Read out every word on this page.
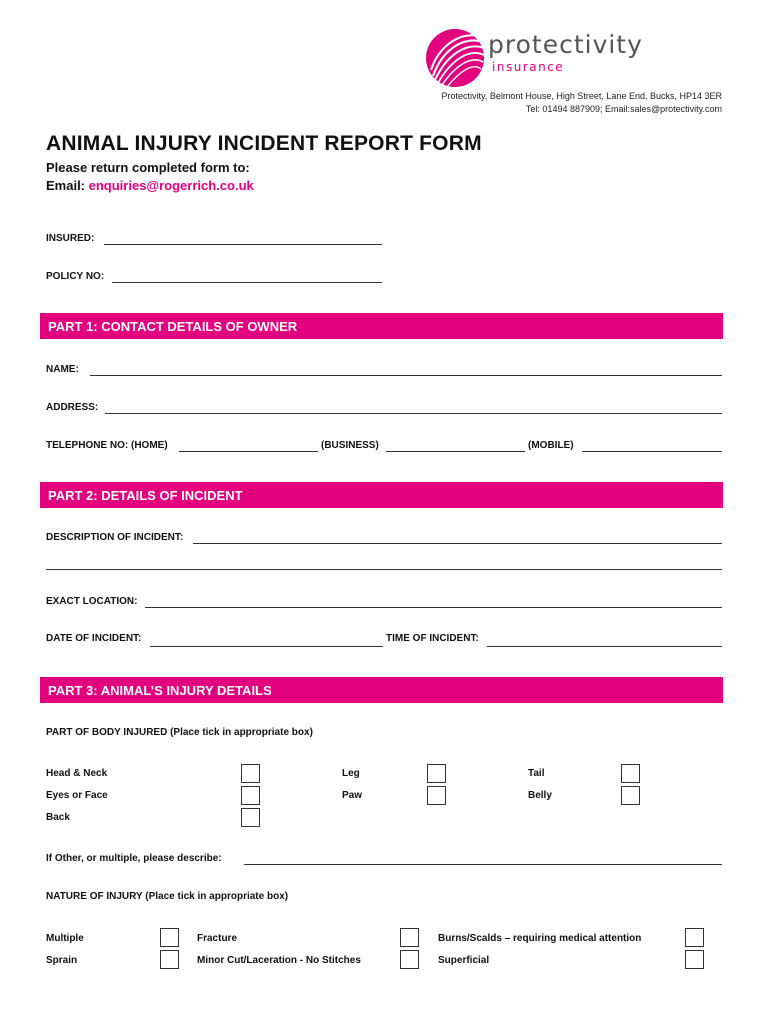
protectivity
insurance
Protectivity, Belmont House, High Street, Lane End, Bucks, HP14 3ER
Tel: 01494 887909; Email:sales@protectivity.com
ANIMAL INJURY INCIDENT REPORT FORM
Please return completed form to:
Email: enquiries@rogerrich.co.uk
INSURED:
POLICY NO:
PART 1: CONTACT DETAILS OF OWNER
NAME:
ADDRESS:
TELEPHONE NO: (HOME)	(BUSINESS)	(MOBILE)
PART 2: DETAILS OF INCIDENT
DESCRIPTION OF INCIDENT:
EXACT LOCATION:
DATE OF INCIDENT:	TIME OF INCIDENT:
PART 3: ANIMAL’S INJURY DETAILS
PART OF BODY INJURED (Place tick in appropriate box)
Head & Neck	Leg	Tail
Eyes or Face	Paw	Belly
Back
If Other, or multiple, please describe:
NATURE OF INJURY (Place tick in appropriate box)
Multiple	Fracture	Burns/Scalds – requiring medical attention
Sprain	Minor Cut/Laceration - No Stitches	Superficial
